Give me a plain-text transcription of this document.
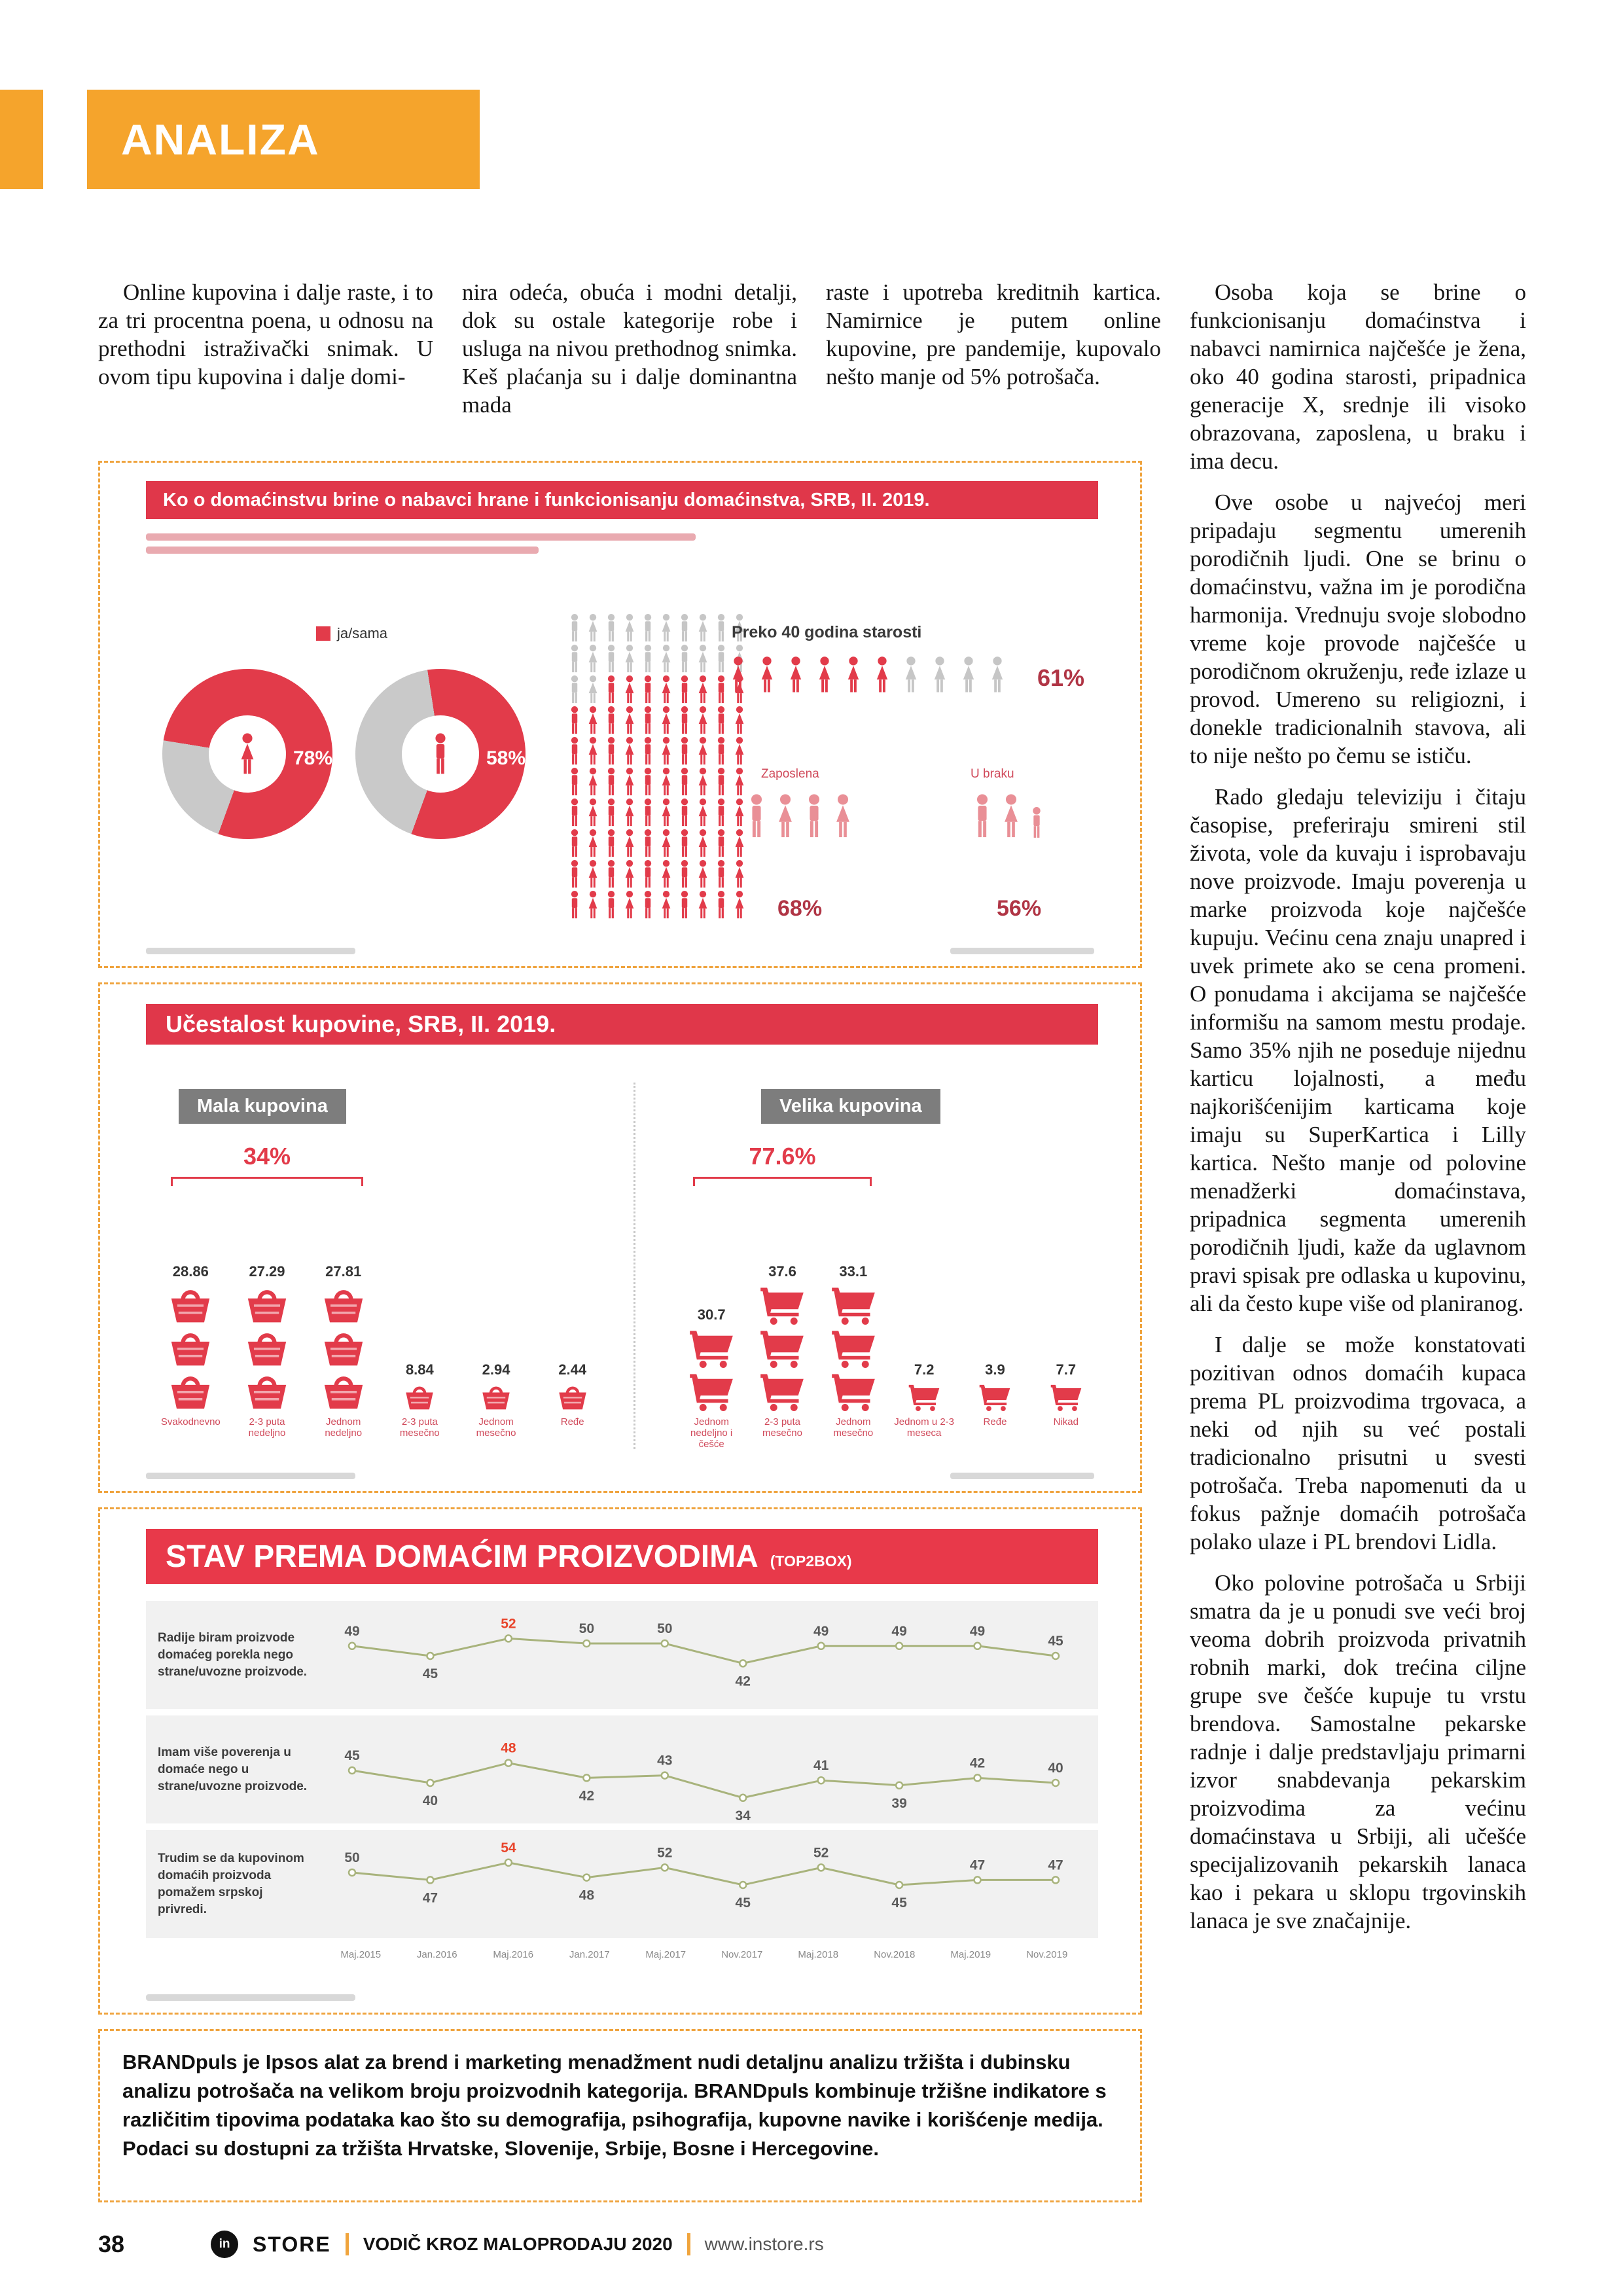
ANALIZA

Online kupovina i dalje raste, i to za tri procentna poena, u odnosu na prethodni istraživački snimak. U ovom tipu kupovina i dalje domi-

nira odeća, obuća i modni detalji, dok su ostale kategorije robe i usluga na nivou prethodnog snimka. Keš plaćanja su i dalje dominantna mada

raste i upotreba kreditnih kartica. Namirnice je putem online kupovine, pre pandemije, kupovalo nešto manje od 5% potrošača.

Osoba koja se brine o funkcionisanju domaćinstva i nabavci namirnica najčešće je žena, oko 40 godina starosti, pripadnica generacije X, srednje ili visoko obrazovana, zaposlena, u braku i ima decu.

Ove osobe u najvećoj meri pripadaju segmentu umerenih porodičnih ljudi. One se brinu o domaćinstvu, važna im je porodična harmonija. Vrednuju svoje slobodno vreme koje provode najčešće u porodičnom okruženju, ređe izlaze u provod. Umereno su religiozni, i donekle tradicionalnih stavova, ali to nije nešto po čemu se ističu.

Rado gledaju televiziju i čitaju časopise, preferiraju smireni stil života, vole da kuvaju i isprobavaju nove proizvode. Imaju poverenja u marke proizvoda koje najčešće kupuju. Većinu cena znaju unapred i uvek primete ako se cena promeni. O ponudama i akcijama se najčešće informišu na samom mestu prodaje. Samo 35% njih ne poseduje nijednu karticu lojalnosti, a među najkorišćenijim karticama koje imaju su SuperKartica i Lilly kartica. Nešto manje od polovine menadžerki domaćinstava, pripadnica segmenta umerenih porodičnih ljudi, kaže da uglavnom pravi spisak pre odlaska u kupovinu, ali da često kupe više od planiranog.

I dalje se može konstatovati pozitivan odnos domaćih kupaca prema PL proizvodima trgovaca, a neki od njih su već postali tradicionalno prisutni u svesti potrošača. Treba napomenuti da u fokus pažnje domaćih potrošača polako ulaze i PL brendovi Lidla.

Oko polovine potrošača u Srbiji smatra da je u ponudi sve veći broj veoma dobrih proizvoda privatnih robnih marki, dok trećina ciljne grupe sve češće kupuje tu vrstu brendova. Samostalne pekarske radnje i dalje predstavljaju primarni izvor snabdevanja pekarskim proizvodima za većinu domaćinstava u Srbiji, ali učešće specijalizovanih pekarskih lanaca kao i pekara u sklopu trgovinskih lanaca je sve značajnije.

Ko o domaćinstvu brine o nabavci hrane i funkcionisanju domaćinstva, SRB, II. 2019.
ja/sama
78%	58%
Preko 40 godina starosti
61%
Zaposlena	U braku
68%	56%
Učestalost kupovine, SRB, II. 2019.
Mala kupovina
34%
28.86
Svakodnevno
27.29
2-3 puta nedeljno
27.81
Jednom nedeljno
8.84
2-3 puta mesečno
2.94
Jednom mesečno
2.44
Ređe
Velika kupovina
77.6%
30.7
Jednom nedeljno i češće
37.6
2-3 puta mesečno
33.1
Jednom mesečno
7.2
Jednom u 2-3 meseca
3.9
Ređe
7.7
Nikad
STAV PREMA DOMAĆIM PROIZVODIMA (TOP2BOX)
Radije biram proizvode domaćeg porekla nego strane/uvozne proizvode.
49
45
52	50	50
42
49	49	49
45
Imam više poverenja u domaće nego u strane/uvozne proizvode.
45
40
48
42
43
34
41
39
42	40
Trudim se da kupovinom domaćih proizvoda pomažem srpskoj privredi.
50
47
54
48
52
45
52
45
47	47
Maj.2015	Jan.2016	Maj.2016	Jan.2017	Maj.2017	Nov.2017	Maj.2018	Nov.2018	Maj.2019	Nov.2019

BRANDpuls je Ipsos alat za brend i marketing menadžment nudi detaljnu analizu tržišta i dubinsku analizu potrošača na velikom broju proizvodnih kategorija. BRANDpuls kombinuje tržišne indikatore s različitim tipovima podataka kao što su demografija, psihografija, kupovne navike i korišćenje medija. Podaci su dostupni za tržišta Hrvatske, Slovenije, Srbije, Bosne i Hercegovine.

38	in STORE VODIČ KROZ MALOPRODAJU 2020 www.instore.rs
